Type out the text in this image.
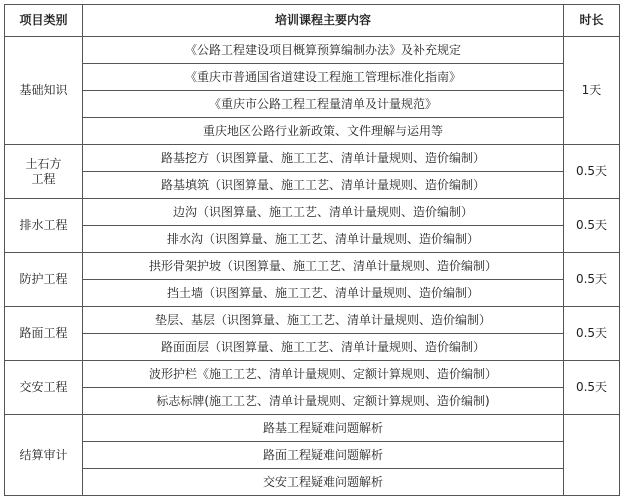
项目类别	培训课程主要内容	时长
基础知识	《公路工程建设项目概算预算编制办法》及补充规定	1天
	《重庆市普通国省道建设工程施工管理标准化指南》	
	《重庆市公路工程工程量清单及计量规范》	
	重庆地区公路行业新政策、文件理解与运用等	
土石方工程	路基挖方（识图算量、施工工艺、清单计量规则、造价编制）	0.5天
	路基填筑（识图算量、施工工艺、清单计量规则、造价编制）	
排水工程	边沟（识图算量、施工工艺、清单计量规则、造价编制）	0.5天
	排水沟（识图算量、施工工艺、清单计量规则、造价编制）	
防护工程	拱形骨架护坡（识图算量、施工工艺、清单计量规则、造价编制）	0.5天
	挡土墙（识图算量、施工工艺、清单计量规则、造价编制）	
路面工程	垫层、基层（识图算量、施工工艺、清单计量规则、造价编制）	0.5天
	路面面层（识图算量、施工工艺、清单计量规则、造价编制）	
交安工程	波形护栏《施工工艺、清单计量规则、定额计算规则、造价编制）	0.5天
	标志标牌(施工工艺、清单计量规则、定额计算规则、造价编制)	
结算审计	路基工程疑难问题解析	
	路面工程疑难问题解析	
	交安工程疑难问题解析	
